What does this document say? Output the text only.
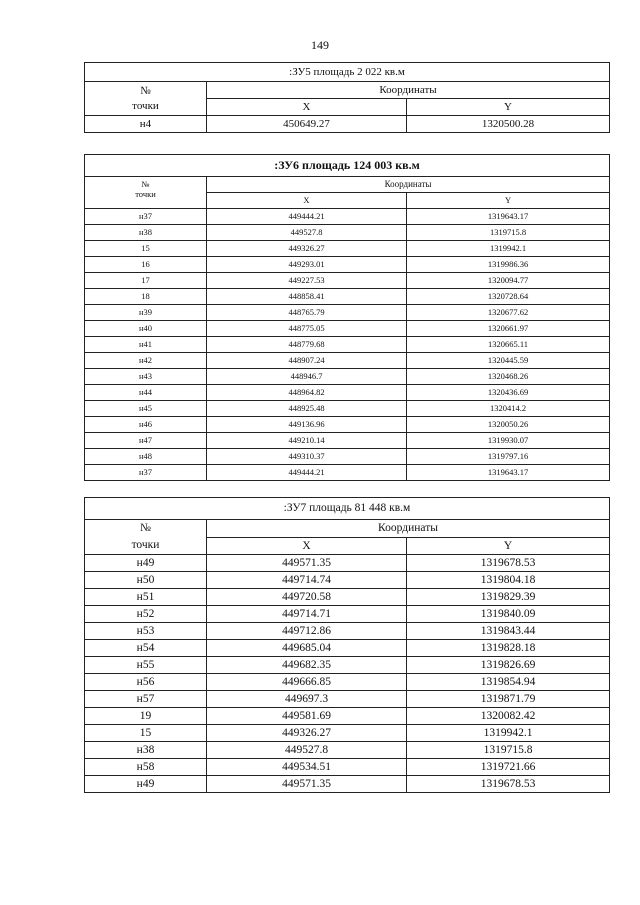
149
:ЗУ5 площадь 2 022 кв.м		
№
точки	Координаты	
	X	Y
н4	450649.27	1320500.28
:ЗУ6 площадь 124 003 кв.м		
№
точки	Координаты	
	X	Y
н37	449444.21	1319643.17
н38	449527.8	1319715.8
15	449326.27	1319942.1
16	449293.01	1319986.36
17	449227.53	1320094.77
18	448858.41	1320728.64
н39	448765.79	1320677.62
н40	448775.05	1320661.97
н41	448779.68	1320665.11
н42	448907.24	1320445.59
н43	448946.7	1320468.26
н44	448964.82	1320436.69
н45	448925.48	1320414.2
н46	449136.96	1320050.26
н47	449210.14	1319930.07
н48	449310.37	1319797.16
н37	449444.21	1319643.17
:ЗУ7 площадь 81 448 кв.м		
№
точки	Координаты	
	X	Y
н49	449571.35	1319678.53
н50	449714.74	1319804.18
н51	449720.58	1319829.39
н52	449714.71	1319840.09
н53	449712.86	1319843.44
н54	449685.04	1319828.18
н55	449682.35	1319826.69
н56	449666.85	1319854.94
н57	449697.3	1319871.79
19	449581.69	1320082.42
15	449326.27	1319942.1
н38	449527.8	1319715.8
н58	449534.51	1319721.66
н49	449571.35	1319678.53
